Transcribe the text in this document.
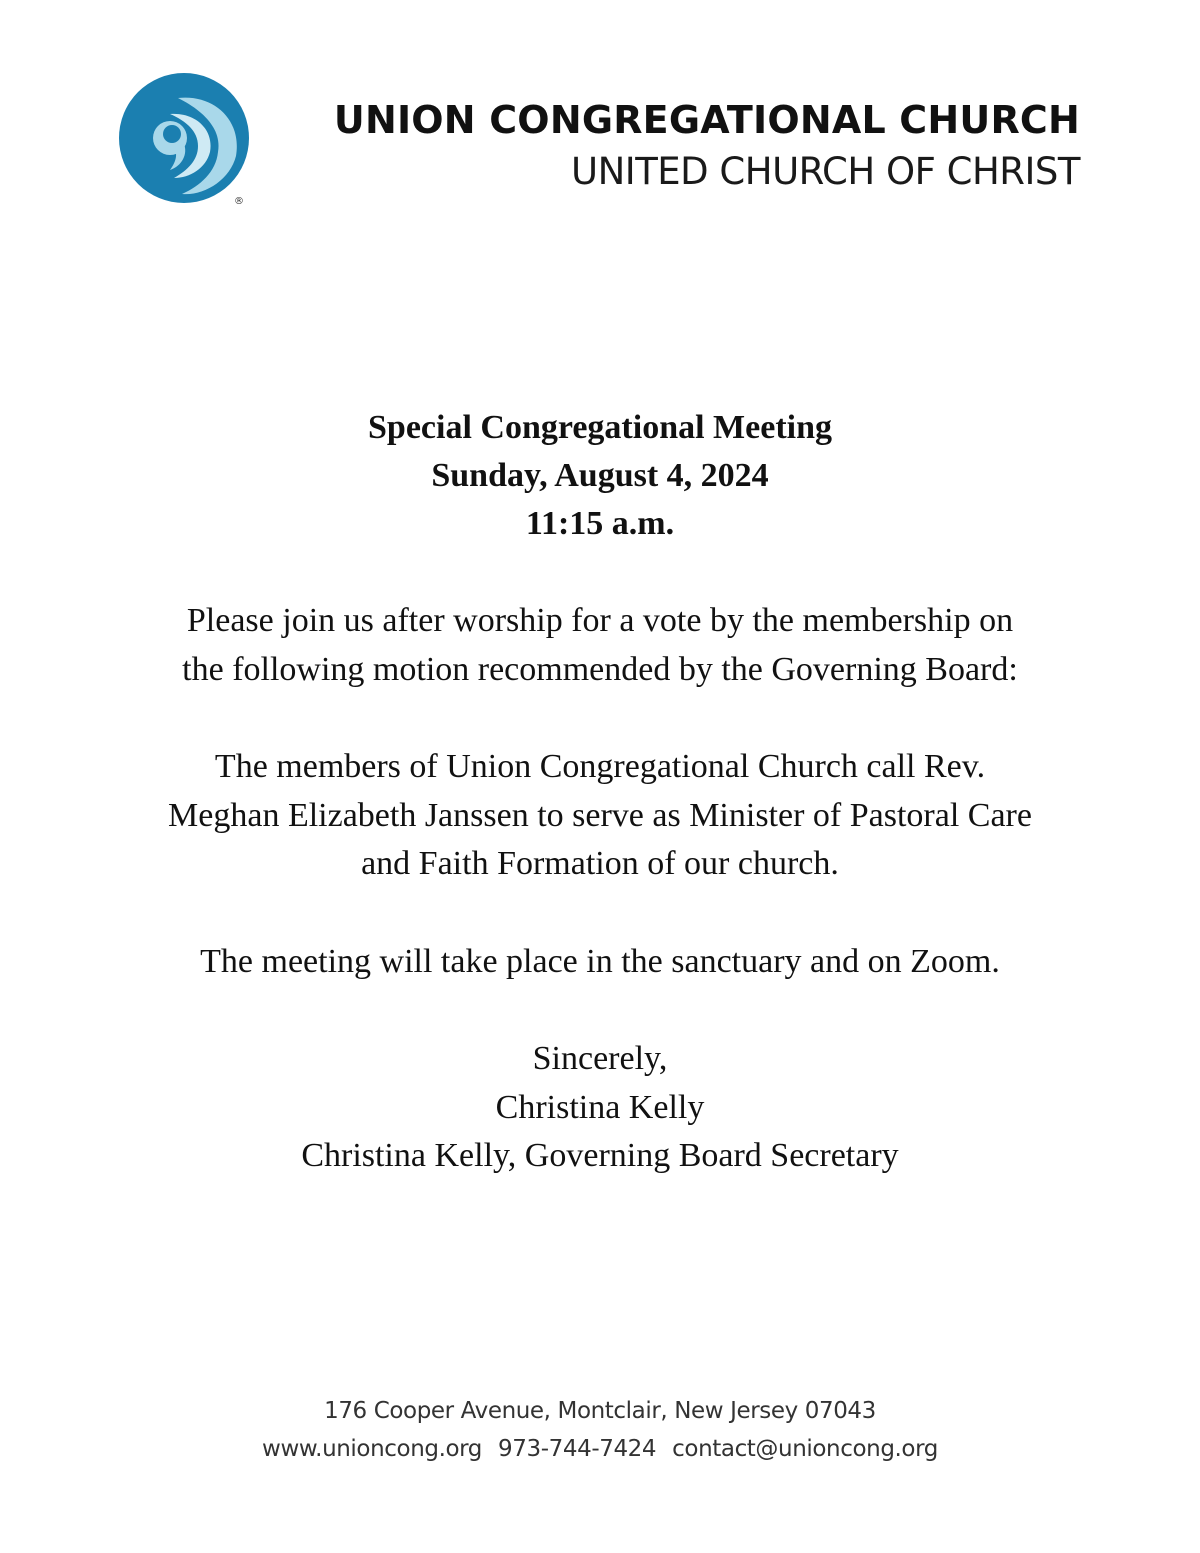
®
UNION CONGREGATIONAL CHURCH
UNITED CHURCH OF CHRIST
Special Congregational Meeting
Sunday, August 4, 2024
11:15 a.m.
Please join us after worship for a vote by the membership on
the following motion recommended by the Governing Board:
The members of Union Congregational Church call Rev.
Meghan Elizabeth Janssen to serve as Minister of Pastoral Care
and Faith Formation of our church.
The meeting will take place in the sanctuary and on Zoom.
Sincerely,
Christina Kelly
Christina Kelly, Governing Board Secretary
176 Cooper Avenue, Montclair, New Jersey 07043
www.unioncong.org 973-744-7424 contact@unioncong.org
